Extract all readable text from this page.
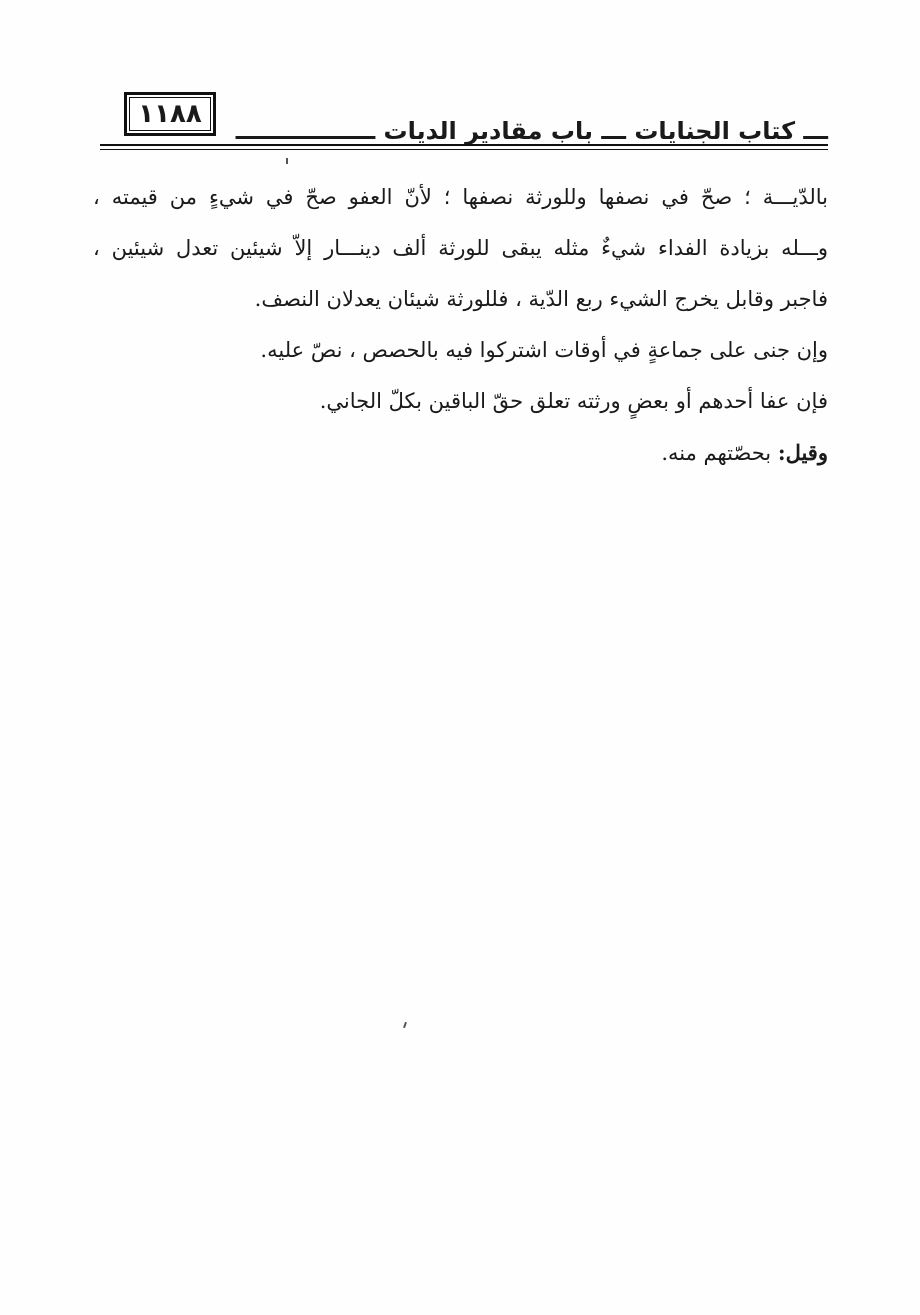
١١٨٨
ـــ كتاب الجنايات ـــ باب مقادير الديات ـــــــــــــــــ

بالدّيـــة ؛ صحّ في نصفها وللورثة نصفها ؛ لأنّ العفو صحّ في شيءٍ من قيمته ،

وـــله بزيادة الفداء شيءٌ مثله يبقى للورثة ألف دينـــار إلاّ شيئين تعدل شيئين ،

فاجبر وقابل يخرج الشيء ربع الدّية ، فللورثة شيئان يعدلان النصف.

وإن جنى على جماعةٍ في أوقات اشتركوا فيه بالحصص ، نصّ عليه.

فإن عفا أحدهم أو بعضٍ ورثته تعلق حقّ الباقين بكلّ الجاني.

وقيل: بحصّتهم منه.
